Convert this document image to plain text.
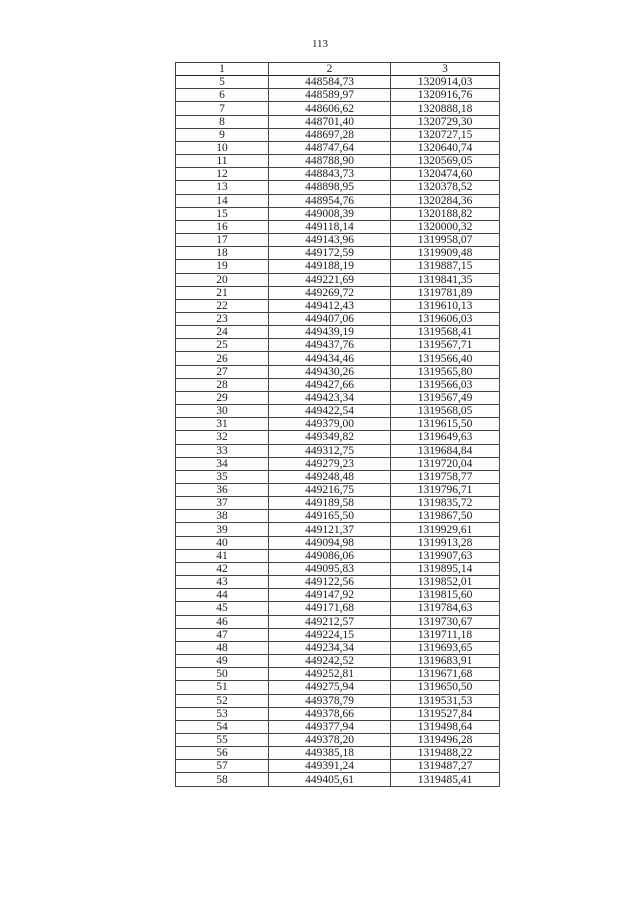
113
1	2	3
5	448584,73	1320914,03
6	448589,97	1320916,76
7	448606,62	1320888,18
8	448701,40	1320729,30
9	448697,28	1320727,15
10	448747,64	1320640,74
11	448788,90	1320569,05
12	448843,73	1320474,60
13	448898,95	1320378,52
14	448954,76	1320284,36
15	449008,39	1320188,82
16	449118,14	1320000,32
17	449143,96	1319958,07
18	449172,59	1319909,48
19	449188,19	1319887,15
20	449221,69	1319841,35
21	449269,72	1319781,89
22	449412,43	1319610,13
23	449407,06	1319606,03
24	449439,19	1319568,41
25	449437,76	1319567,71
26	449434,46	1319566,40
27	449430,26	1319565,80
28	449427,66	1319566,03
29	449423,34	1319567,49
30	449422,54	1319568,05
31	449379,00	1319615,50
32	449349,82	1319649,63
33	449312,75	1319684,84
34	449279,23	1319720,04
35	449248,48	1319758,77
36	449216,75	1319796,71
37	449189,58	1319835,72
38	449165,50	1319867,50
39	449121,37	1319929,61
40	449094,98	1319913,28
41	449086,06	1319907,63
42	449095,83	1319895,14
43	449122,56	1319852,01
44	449147,92	1319815,60
45	449171,68	1319784,63
46	449212,57	1319730,67
47	449224,15	1319711,18
48	449234,34	1319693,65
49	449242,52	1319683,91
50	449252,81	1319671,68
51	449275,94	1319650,50
52	449378,79	1319531,53
53	449378,66	1319527,84
54	449377,94	1319498,64
55	449378,20	1319496,28
56	449385,18	1319488,22
57	449391,24	1319487,27
58	449405,61	1319485,41
